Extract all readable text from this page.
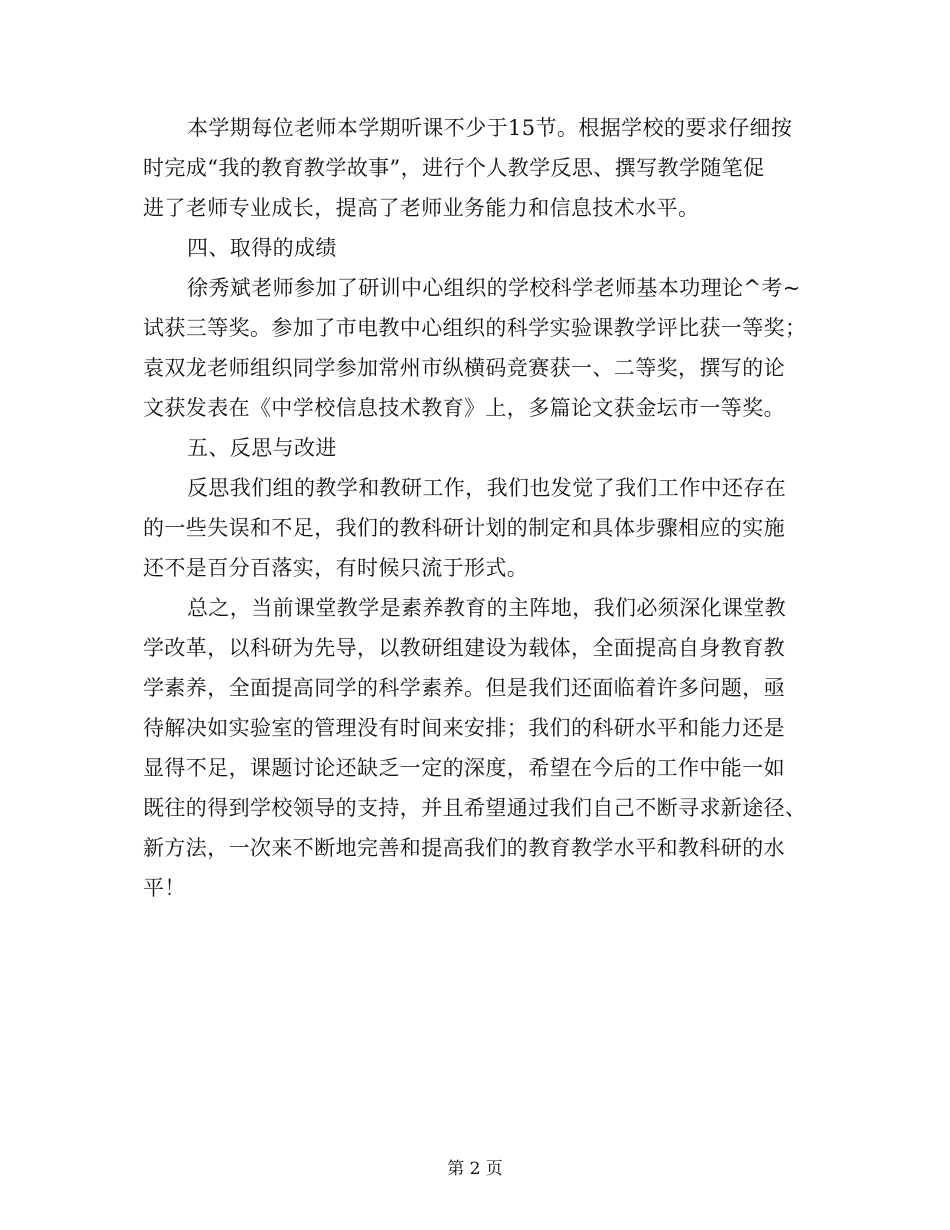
本学期每位老师本学期听课不少于15节。根据学校的要求仔细按
时完成“我的教育教学故事”，进行个人教学反思、撰写教学随笔促
进了老师专业成长，提高了老师业务能力和信息技术水平。
四、取得的成绩
徐秀斌老师参加了研训中心组织的学校科学老师基本功理论^考~
试获三等奖。参加了市电教中心组织的科学实验课教学评比获一等奖；
袁双龙老师组织同学参加常州市纵横码竞赛获一、二等奖，撰写的论
文获发表在《中学校信息技术教育》上，多篇论文获金坛市一等奖。
五、反思与改进
反思我们组的教学和教研工作，我们也发觉了我们工作中还存在
的一些失误和不足，我们的教科研计划的制定和具体步骤相应的实施
还不是百分百落实，有时候只流于形式。
总之，当前课堂教学是素养教育的主阵地，我们必须深化课堂教
学改革，以科研为先导，以教研组建设为载体，全面提高自身教育教
学素养，全面提高同学的科学素养。但是我们还面临着许多问题，亟
待解决如实验室的管理没有时间来安排；我们的科研水平和能力还是
显得不足，课题讨论还缺乏一定的深度，希望在今后的工作中能一如
既往的得到学校领导的支持，并且希望通过我们自己不断寻求新途径、
新方法，一次来不断地完善和提高我们的教育教学水平和教科研的水
平！
第 2 页
